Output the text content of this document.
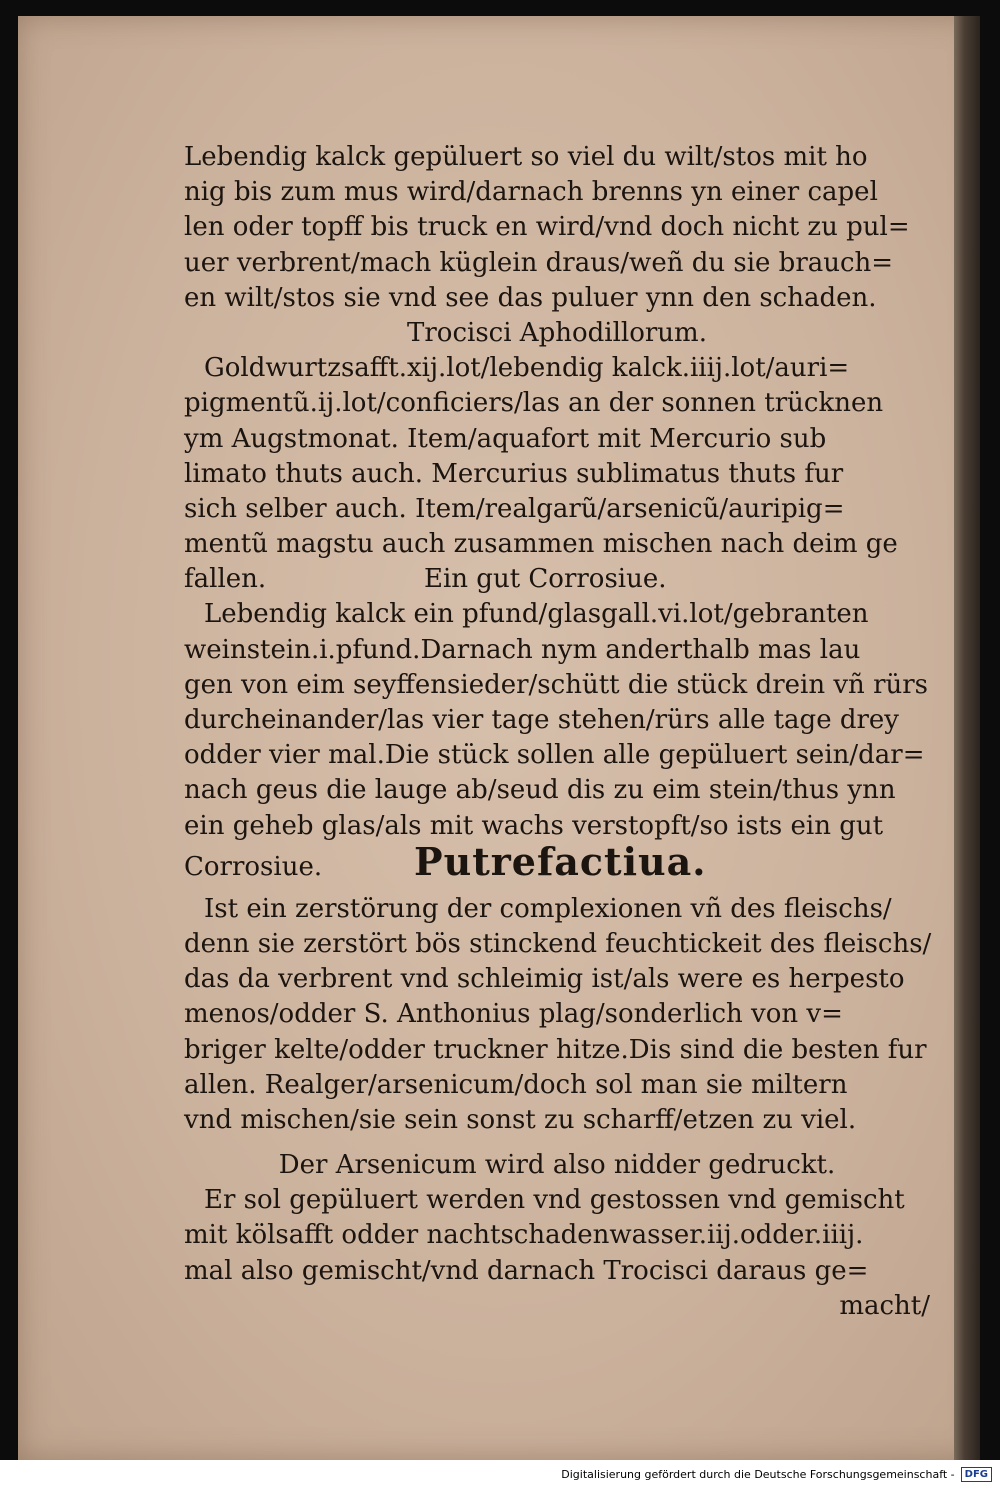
Lebendig kalck gepüluert so viel du wilt/stos mit ho
nig bis zum mus wird/darnach brenns yn einer capel
len oder topff bis truck en wird/vnd doch nicht zu pul=
uer verbrent/mach küglein draus/weñ du sie brauch=
en wilt/stos sie vnd see das puluer ynn den schaden.
Trocisci Aphodillorum.
Goldwurtzsafft.xij.lot/lebendig kalck.iiij.lot/auri=
pigmentũ.ij.lot/conficiers/las an der sonnen trücknen
ym Augstmonat. Item/aquafort mit Mercurio sub
limato thuts auch. Mercurius sublimatus thuts fur
sich selber auch. Item/realgarũ/arsenicũ/auripig=
mentũ magstu auch zusammen mischen nach deim ge
fallen.	Ein gut Corrosiue.
Lebendig kalck ein pfund/glasgall.vi.lot/gebranten
weinstein.i.pfund.Darnach nym anderthalb mas lau
gen von eim seyffensieder/schütt die stück drein vñ rürs
durcheinander/las vier tage stehen/rürs alle tage drey
odder vier mal.Die stück sollen alle gepüluert sein/dar=
nach geus die lauge ab/seud dis zu eim stein/thus ynn
ein geheb glas/als mit wachs verstopft/so ists ein gut
Corrosiue.	Putrefactiua.
Ist ein zerstörung der complexionen vñ des fleischs/
denn sie zerstört bös stinckend feuchtickeit des fleischs/
das da verbrent vnd schleimig ist/als were es herpesto
menos/odder S. Anthonius plag/sonderlich von v=
briger kelte/odder truckner hitze.Dis sind die besten fur
allen. Realger/arsenicum/doch sol man sie miltern
vnd mischen/sie sein sonst zu scharff/etzen zu viel.
Der Arsenicum wird also nidder gedruckt.
Er sol gepüluert werden vnd gestossen vnd gemischt
mit kölsafft odder nachtschadenwasser.iij.odder.iiij.
mal also gemischt/vnd darnach Trocisci daraus ge=
macht/
Digitalisierung gefördert durch die Deutsche Forschungsgemeinschaft -	DFG
